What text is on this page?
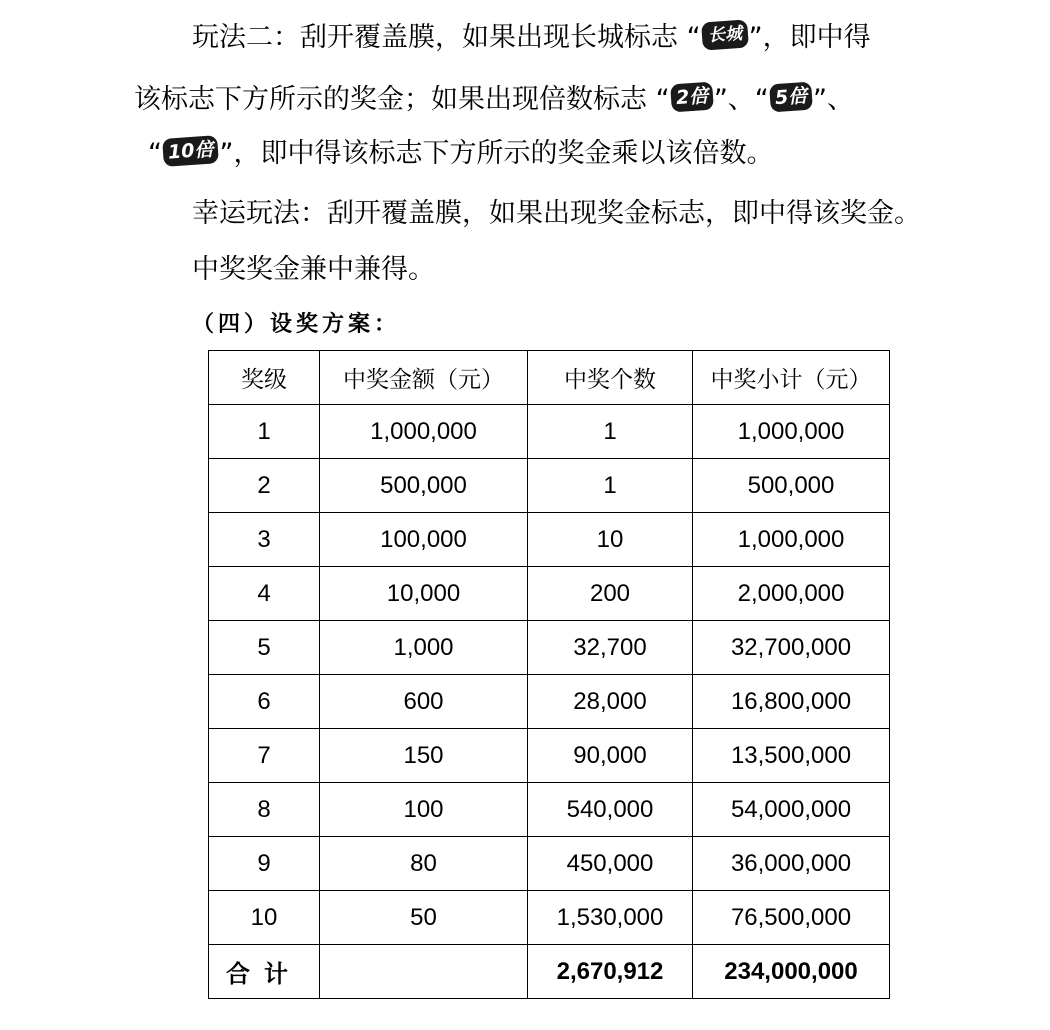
玩法二：刮开覆盖膜，如果出现长城标志 “ 长城 ”，即中得
该标志下方所示的奖金；如果出现倍数标志 “ 2倍 ”、“ 5倍 ”、
“ 10倍 ”，即中得该标志下方所示的奖金乘以该倍数。
幸运玩法：刮开覆盖膜，如果出现奖金标志，即中得该奖金。
中奖奖金兼中兼得。
（四）设奖方案：
奖级	中奖金额（元）	中奖个数	中奖小计（元）
1	1,000,000	1	1,000,000
2	500,000	1	500,000
3	100,000	10	1,000,000
4	10,000	200	2,000,000
5	1,000	32,700	32,700,000
6	600	28,000	16,800,000
7	150	90,000	13,500,000
8	100	540,000	54,000,000
9	80	450,000	36,000,000
10	50	1,530,000	76,500,000
合计		2,670,912	234,000,000
